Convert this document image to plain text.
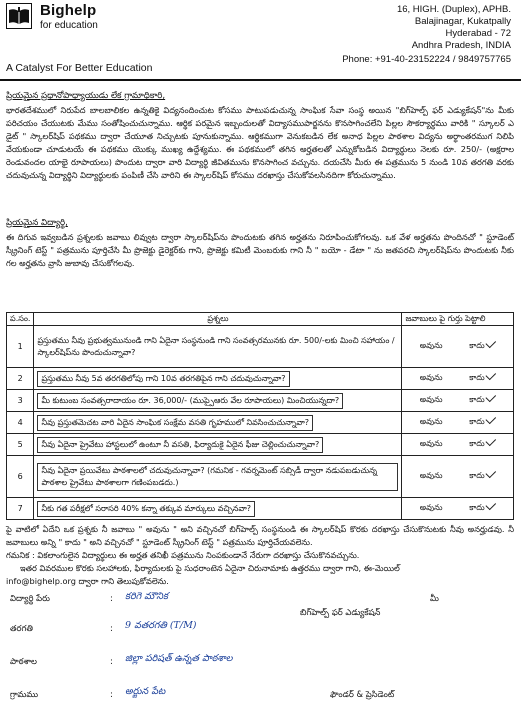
Bighelp
for education
A Catalyst For Better Education
16, HIGH. (Duplex), APHB.
Balajinagar, Kukatpally
Hyderabad - 72
Andhra Pradesh, INDIA
Phone: +91-40-23152224 / 9849757765
ప్రియమైన ప్రధానోపాధ్యాయుడు లేక గ్రామాధికారి,
భారతదేశములో నిరుపేద బాలబాలికల ఉన్నతికై విద్యనందించుట కోసము పాటుపడుచున్న సాంఘిక సేవా సంస్థ అయిన "బిగ్‌హెల్ప్ ఫర్ ఎడ్యుకేషన్"ను మీకు పరిచయం చేయుటకు మేము సంతోషించుచున్నాము. ఆర్థిక పరమైన ఇబ్బందులతో విద్యాసముపార్జనను కొనసాగించలేని పిల్లల సౌకర్యార్థము వారికి " స్కూలర్ ఎ డైట్ " స్కాలర్‌షిప్ పథకము ద్వారా చేయూత నిచ్చుటకు పూనుకున్నాము. ఆర్థికముగా వెనుకబడిన లేక అనాధ పిల్లల పాఠశాల విద్యను అర్థాంతరముగ నిలిపి వేయకుండా చూడుటయే ఈ పథకము యొక్కు ముఖ్య ఉద్దేశ్యము. ఈ పథకములో తగిన అర్హతలతో ఎన్నుకోబడిన విద్యార్థులు నెలకు రూ. 250/- (అక్షరాల రెండువందల యాభై రూపాయలు) పొందుట ద్వారా వారి విద్యార్థి జీవితమును కొనసాగించ వచ్చును. దయచేసి మీరు ఈ పత్రమును 5 నుండి 10వ తరగతి వరకు చదువుచున్న విద్యార్థిని విద్యార్థులకు పంపిణీ చేసి వారిని ఈ స్కాలర్‌షిప్ కోసము దరఖాస్తు చేసుకోవలసినదిగా కోరుచున్నాము.
ప్రియమైన విద్యార్థి,
ఈ దిగువ ఇవ్వబడిన ప్రశ్నలకు జవాబు లివ్వుట ద్వారా స్కాలర్‌షిప్‌ను పొందుటకు తగిన అర్హతను నిరూపించుకోగలవు. ఒక వేళ అర్హతను పొందినచో " స్టూడెంట్ స్క్రీనింగ్ టెస్ట్ " పత్రమును పూర్తిచేసి మీ ప్రొజెక్టు డైరెక్టర్‌కు గాని, ప్రొజెక్టు కమిటీ మెంబరుకు గాని నీ " బయో - డేటా " ను జతపరచి స్కాలర్‌షిప్‌ను పొందుటకు నీకు గల అర్హతను వ్రాసి జుబావు చేసుకోగలవు.
ప.సం.	ప్రశ్నలు	జవాబులు పై గుర్తు పెట్టాలి
1	ప్రస్తుతము నీవు ప్రభుత్వమునుండి గాని ఏదైనా సంస్థనుండి గాని సంవత్సరమునకు రూ. 500/-లకు మించి సహాయం / స్కాలర్‌షిప్‌ను పొందుచున్నావా?	అవును కాదు

2	ప్రస్తుతము నీవు 5వ తరగతిలోపు గాని 10వ తరగతిపైన గాని చదువుచున్నావా?	అవును కాదు

3	మీ కుటుంబ సంవత్సరాదాయం రూ. 36,000/- (ముప్పైఆరు వేల రూపాయలు) మించియున్నదా?	అవును కాదు

4	నీవు ప్రస్తుతమెచట వారి ఏదైన సాంఘిక సంక్షేమ వసతి గృహములో నివసించుచున్నావా?	అవును కాదు

5	నీవు ఏదైనా ప్రైవేటు హాస్టలులో ఉంటూ నీ వసతి, ఫిర్యాదుకై ఏదైన ఫీజు చెల్లించుచున్నావా?	అవును కాదు

6	నీవు ఏదైనా ప్రయివేటు పాఠశాలలో చదువుచున్నావా? (గమనిక - గవర్నమెంట్ సబ్సిడీ ద్వారా నడుపబడుచున్న పాఠశాల ప్రైవేటు పాఠశాలగా గణింపబడదు.)	అవును కాదు

7	నీకు గత పరీక్షలో సరాసరి 40% కన్నా తక్కువ మార్కులు వచ్చినవా?	అవును కాదు
పై వాటిలో ఏదేని ఒక ప్రశ్నకు నీ జవాబు " అవును " అని వచ్చినచో బిగ్‌హెల్ప్ సంస్థనుండి ఈ స్కాలర్‌షిప్ కొరకు దరఖాస్తు చేసుకొనుటకు నీవు అనర్హుడవు. నీ జవాబులు అన్ని " కాదు " అని వచ్చినచో " స్టూడెంట్ స్క్రీనింగ్ టెస్ట్ " పత్రమును పూర్తిచేయవలెను.
గమనిక : వికలాంగులైన విద్యార్థులు ఈ అర్హత తనిఖీ పత్రమును నింపకుండానే నేరుగా దరఖాస్తు చేసుకొనవచ్చును.
ఇతర వివరముల కొరకు సలహాలకు, ఫిర్యాదులకు పై సుధరాంటెన ఏదైనా చిరునామాకు ఉత్తరము ద్వారా గాని, ఈ-మెయిల్
info@bighelp.org ద్వారా గాని తెలుపుకోవలెను.
విద్యార్థి పేరు	: కరిగె మౌనిక
తరగతి	: 9 వతరగతి (T/M)
పాఠశాల	: జిల్లా పరిషత్ ఉన్నత పాఠశాల
గ్రామము	: అర్జున పేట
మీ
బిగ్‌హెల్ప్ ఫర్ ఎడ్యుకేషన్
ఫౌండర్ & ప్రెసిడెంట్
